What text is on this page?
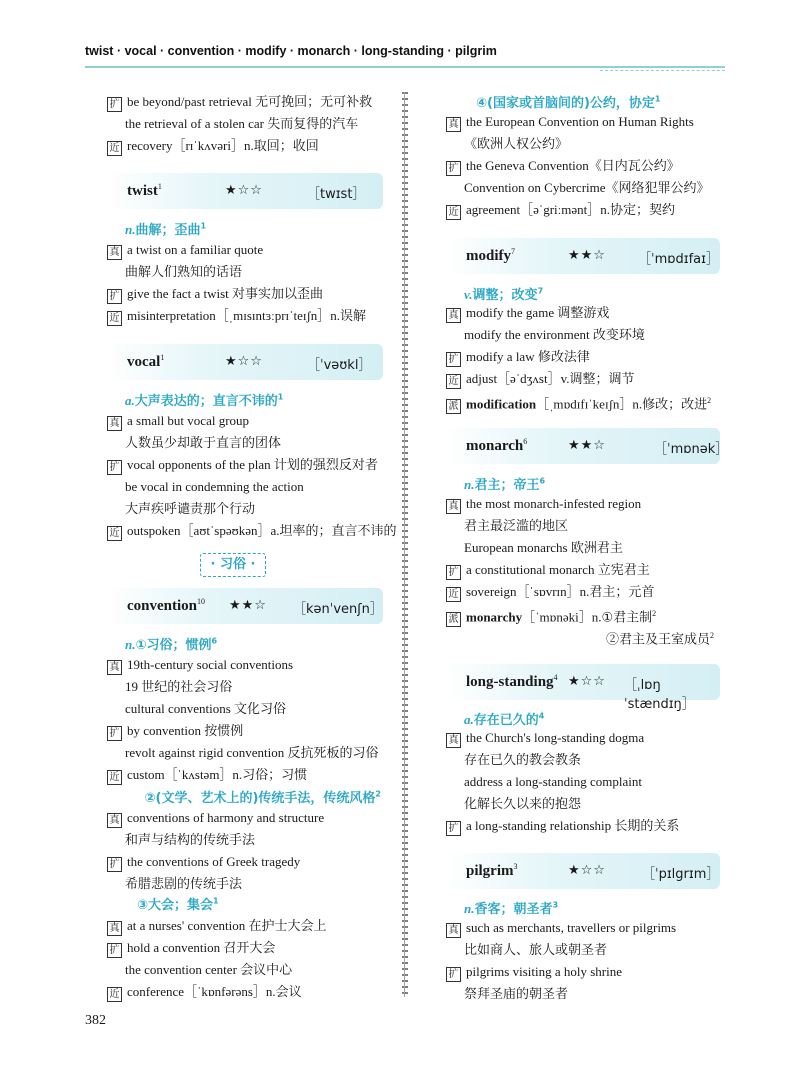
twist · vocal · convention · modify · monarch · long-standing · pilgrim
扩 be beyond/past retrieval 无可挽回；无可补救
the retrieval of a stolen car 失而复得的汽车
近 recovery［rɪˈkʌvəri］n.取回；收回
twist$^1$	★☆☆	［twɪst］
n.曲解；歪曲$^1$
真 a twist on a familiar quote
曲解人们熟知的话语
扩 give the fact a twist 对事实加以歪曲
近 misinterpretation［ˌmɪsɪntɜːprɪˈteɪʃn］n.误解
vocal$^1$	★☆☆	［ˈvəʊkl］
a.大声表达的；直言不讳的$^1$
真 a small but vocal group
人数虽少却敢于直言的团体
扩 vocal opponents of the plan 计划的强烈反对者
be vocal in condemning the action
大声疾呼谴责那个行动
近 outspoken［aʊtˈspəʊkən］a.坦率的；直言不讳的
· 习俗 ·
convention$^{10}$ ★★☆ ［kənˈvenʃn］
n.①习俗；惯例$^6$
真 19th-century social conventions
19 世纪的社会习俗
cultural conventions 文化习俗
扩 by convention 按惯例
revolt against rigid convention 反抗死板的习俗
近 custom［ˈkʌstəm］n.习俗；习惯
②(文学、艺术上的)传统手法，传统风格$^2$
真 conventions of harmony and structure
和声与结构的传统手法
扩 the conventions of Greek tragedy
希腊悲剧的传统手法
③大会；集会$^1$
真 at a nurses' convention 在护士大会上
扩 hold a convention 召开大会
the convention center 会议中心
近 conference［ˈkɒnfərəns］n.会议
④(国家或首脑间的)公约，协定$^1$
真 the European Convention on Human Rights
《欧洲人权公约》
扩 the Geneva Convention《日内瓦公约》
Convention on Cybercrime《网络犯罪公约》
近 agreement［əˈgriːmənt］n.协定；契约
modify$^7$	★★☆ ［ˈmɒdɪfaɪ］
v.调整；改变$^7$
真 modify the game 调整游戏
modify the environment 改变环境
扩 modify a law 修改法律
近 adjust［əˈdʒʌst］v.调整；调节
派 modification［ˌmɒdɪfɪˈkeɪʃn］n.修改；改进$^2$
monarch$^6$	★★☆	［ˈmɒnək］
n.君主；帝王$^6$
真 the most monarch-infested region
君主最泛滥的地区
European monarchs 欧洲君主
扩 a constitutional monarch 立宪君主
近 sovereign［ˈsɒvrɪn］n.君主；元首
派 monarchy［ˈmɒnəki］n.①君主制$^2$
②君主及王室成员$^2$
long-standing$^4$ ★☆☆ ［ˌlɒŋ ˈstændɪŋ］
a.存在已久的$^4$
真 the Church's long-standing dogma
存在已久的教会教条
address a long-standing complaint
化解长久以来的抱怨
扩 a long-standing relationship 长期的关系
pilgrim$^3$	★☆☆	［ˈpɪlgrɪm］
n.香客；朝圣者$^3$
真 such as merchants, travellers or pilgrims
比如商人、旅人或朝圣者
扩 pilgrims visiting a holy shrine
祭拜圣庙的朝圣者
382
